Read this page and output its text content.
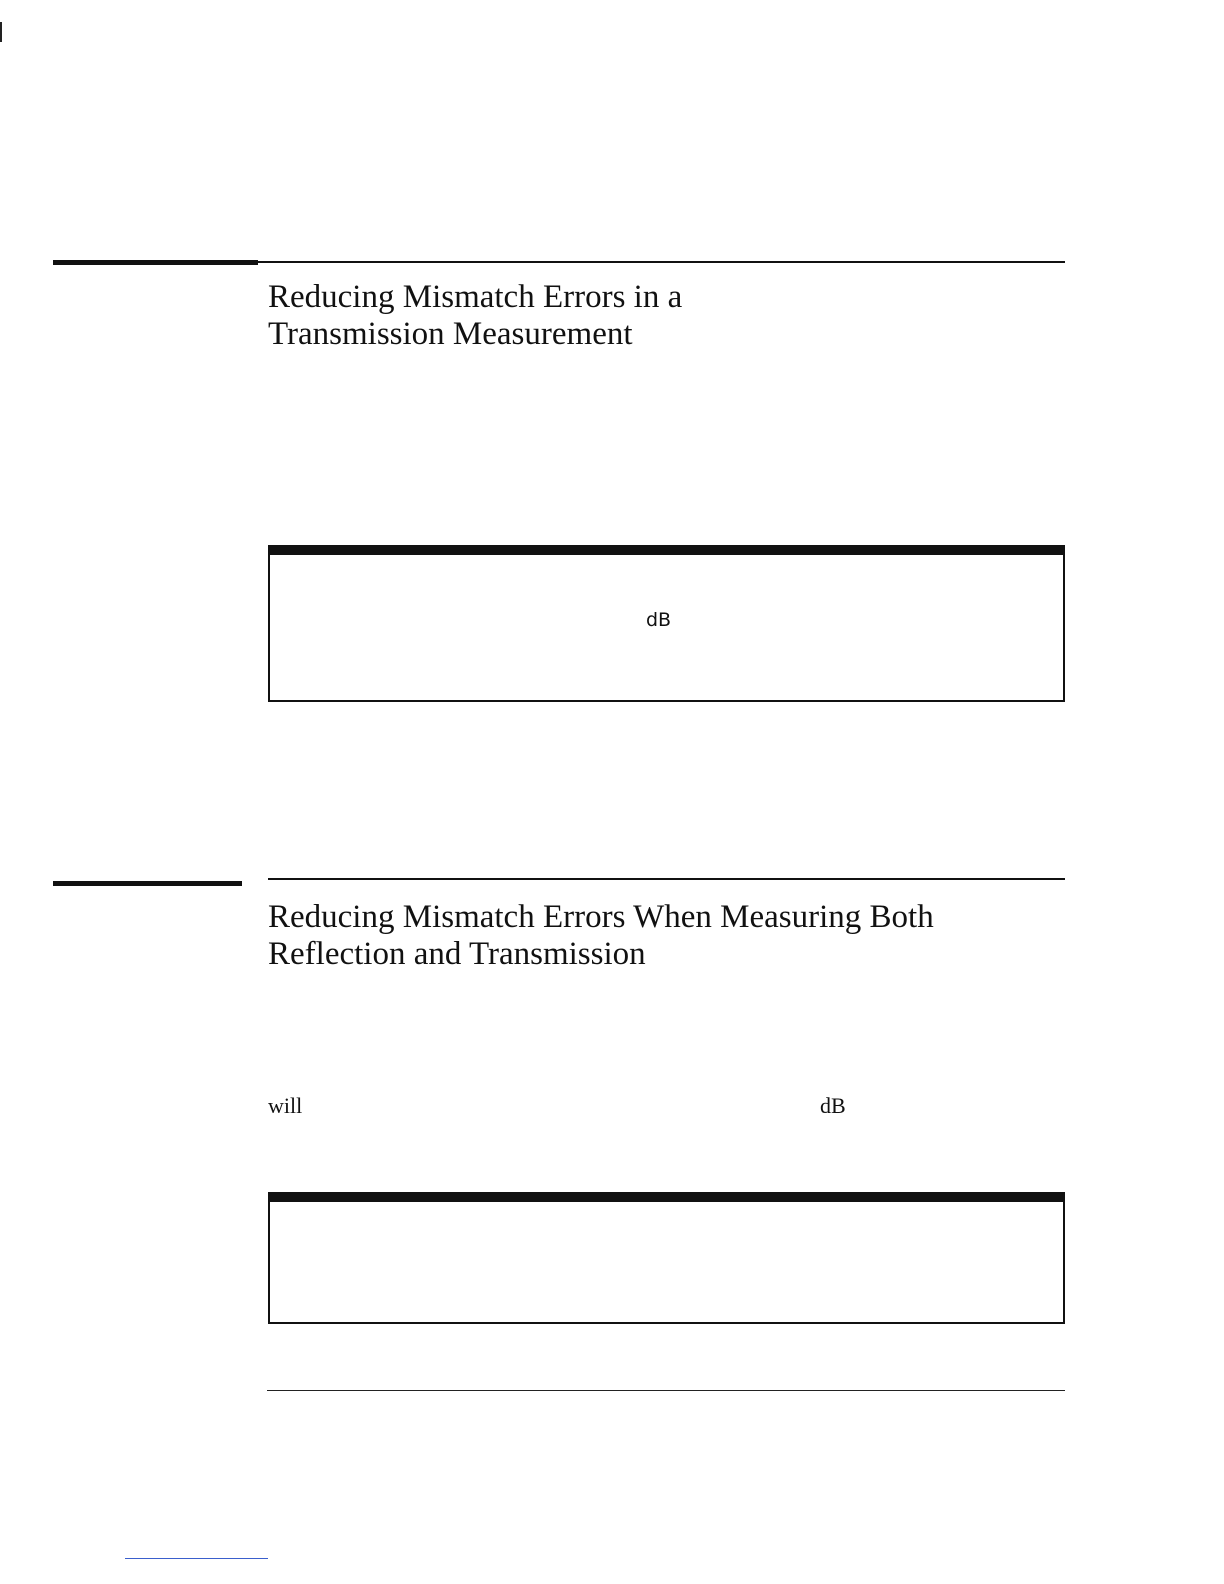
Reducing Mismatch Errors in a
Transmission Measurement
dB
Reducing Mismatch Errors When Measuring Both
Reflection and Transmission
will	dB
